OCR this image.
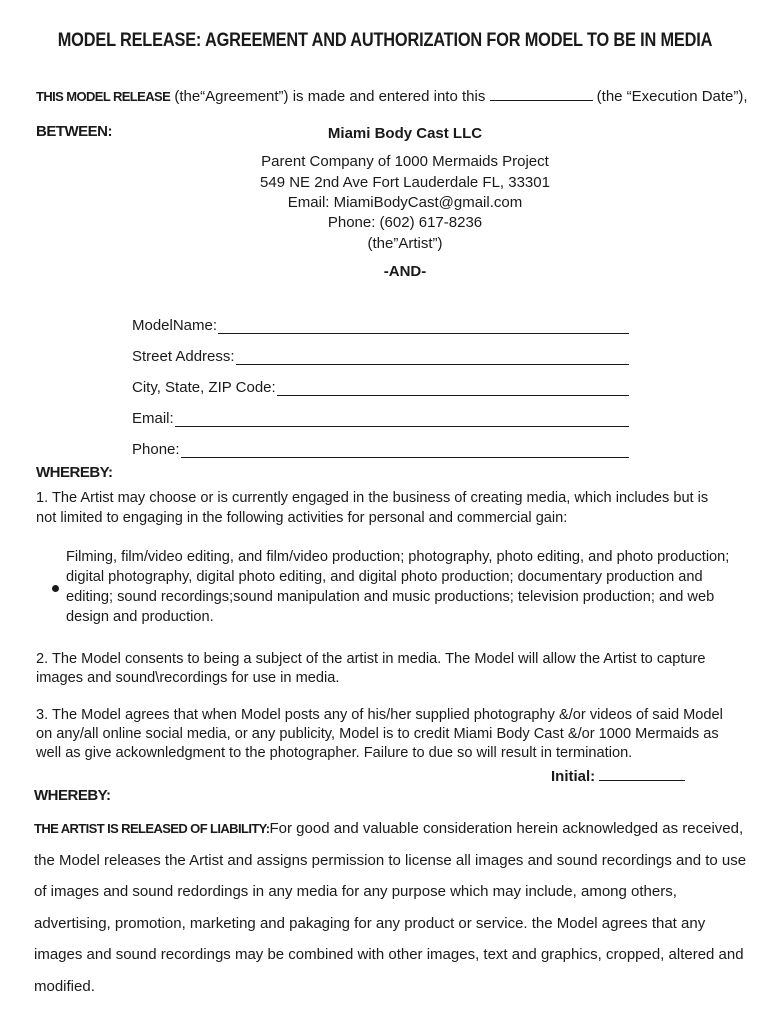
MODEL RELEASE: AGREEMENT AND AUTHORIZATION FOR MODEL TO BE IN MEDIA
THIS MODEL RELEASE (the“Agreement”) is made and entered into this	(the “Execution Date”),
BETWEEN:	Miami Body Cast LLC
Parent Company of 1000 Mermaids Project
549 NE 2nd Ave Fort Lauderdale FL, 33301
Email: MiamiBodyCast@gmail.com
Phone: (602) 617-8236
(the”Artist”)
-AND-
ModelName:
Street Address:
City, State, ZIP Code:
Email:
Phone:
WHEREBY:
1. The Artist may choose or is currently engaged in the business of creating media, which includes but is not limited to engaging in the following activities for personal and commercial gain:
Filming, film/video editing, and film/video production; photography, photo editing, and photo production; digital photography, digital photo editing, and digital photo production; documentary production and editing; sound recordings;sound manipulation and music productions; television production; and web design and production.
2. The Model consents to being a subject of the artist in media. The Model will allow the Artist to capture images and sound\recordings for use in media.
3. The Model agrees that when Model posts any of his/her supplied photography &/or videos of said Model on any/all online social media, or any publicity, Model is to credit Miami Body Cast &/or 1000 Mermaids as well as give ackownledgment to the photographer. Failure to due so will result in termination.
Initial:
WHEREBY:
THE ARTIST IS RELEASED OF LIABILITY:For good and valuable consideration herein acknowledged as received, the Model releases the Artist and assigns permission to license all images and sound recordings and to use of images and sound redordings in any media for any purpose which may include, among others, advertising, promotion, marketing and pakaging for any product or service. the Model agrees that any images and sound recordings may be combined with other images, text and graphics, cropped, altered and modified.
